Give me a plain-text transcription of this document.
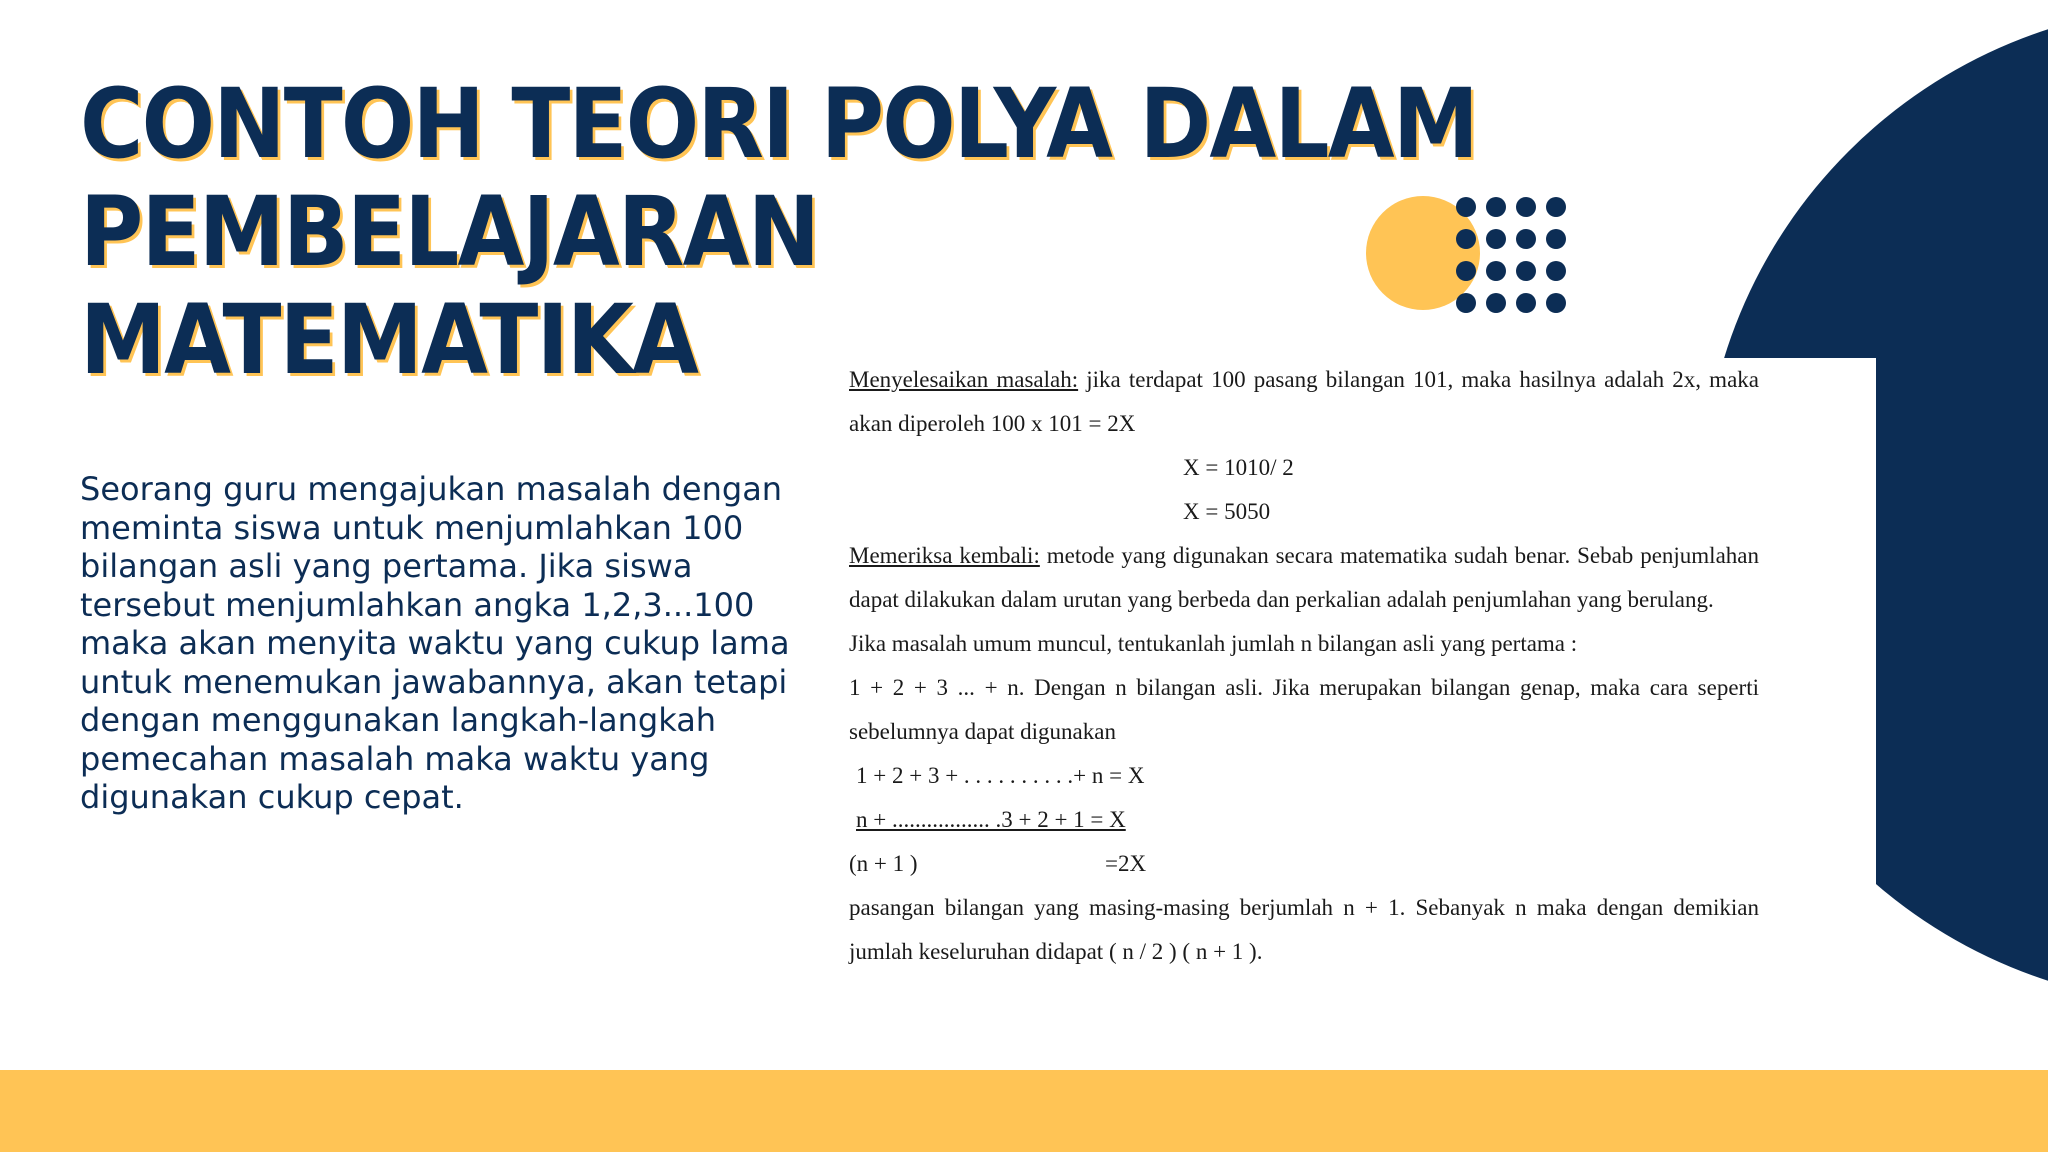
CONTOH TEORI POLYA DALAM
PEMBELAJARAN
MATEMATIKA

Seorang guru mengajukan masalah dengan meminta siswa untuk menjumlahkan 100 bilangan asli yang pertama. Jika siswa tersebut menjumlahkan angka 1,2,3...100 maka akan menyita waktu yang cukup lama untuk menemukan jawabannya, akan tetapi dengan menggunakan langkah-langkah pemecahan masalah maka waktu yang digunakan cukup cepat.

Menyelesaikan masalah: jika terdapat 100 pasang bilangan 101, maka hasilnya adalah 2x, maka akan diperoleh 100 x 101 = 2X

X = 1010/ 2

X = 5050

Memeriksa kembali: metode yang digunakan secara matematika sudah benar. Sebab penjumlahan dapat dilakukan dalam urutan yang berbeda dan perkalian adalah penjumlahan yang berulang.

Jika masalah umum muncul, tentukanlah jumlah n bilangan asli yang pertama :

1 + 2 + 3 ... + n. Dengan n bilangan asli. Jika merupakan bilangan genap, maka cara seperti sebelumnya dapat digunakan

1 + 2 + 3 + . . . . . . . . . .+ n = X

n + ................. .3 + 2 + 1 = X

(n + 1 )	=2X

pasangan bilangan yang masing-masing berjumlah n + 1. Sebanyak n maka dengan demikian jumlah keseluruhan didapat ( n / 2 ) ( n + 1 ).
